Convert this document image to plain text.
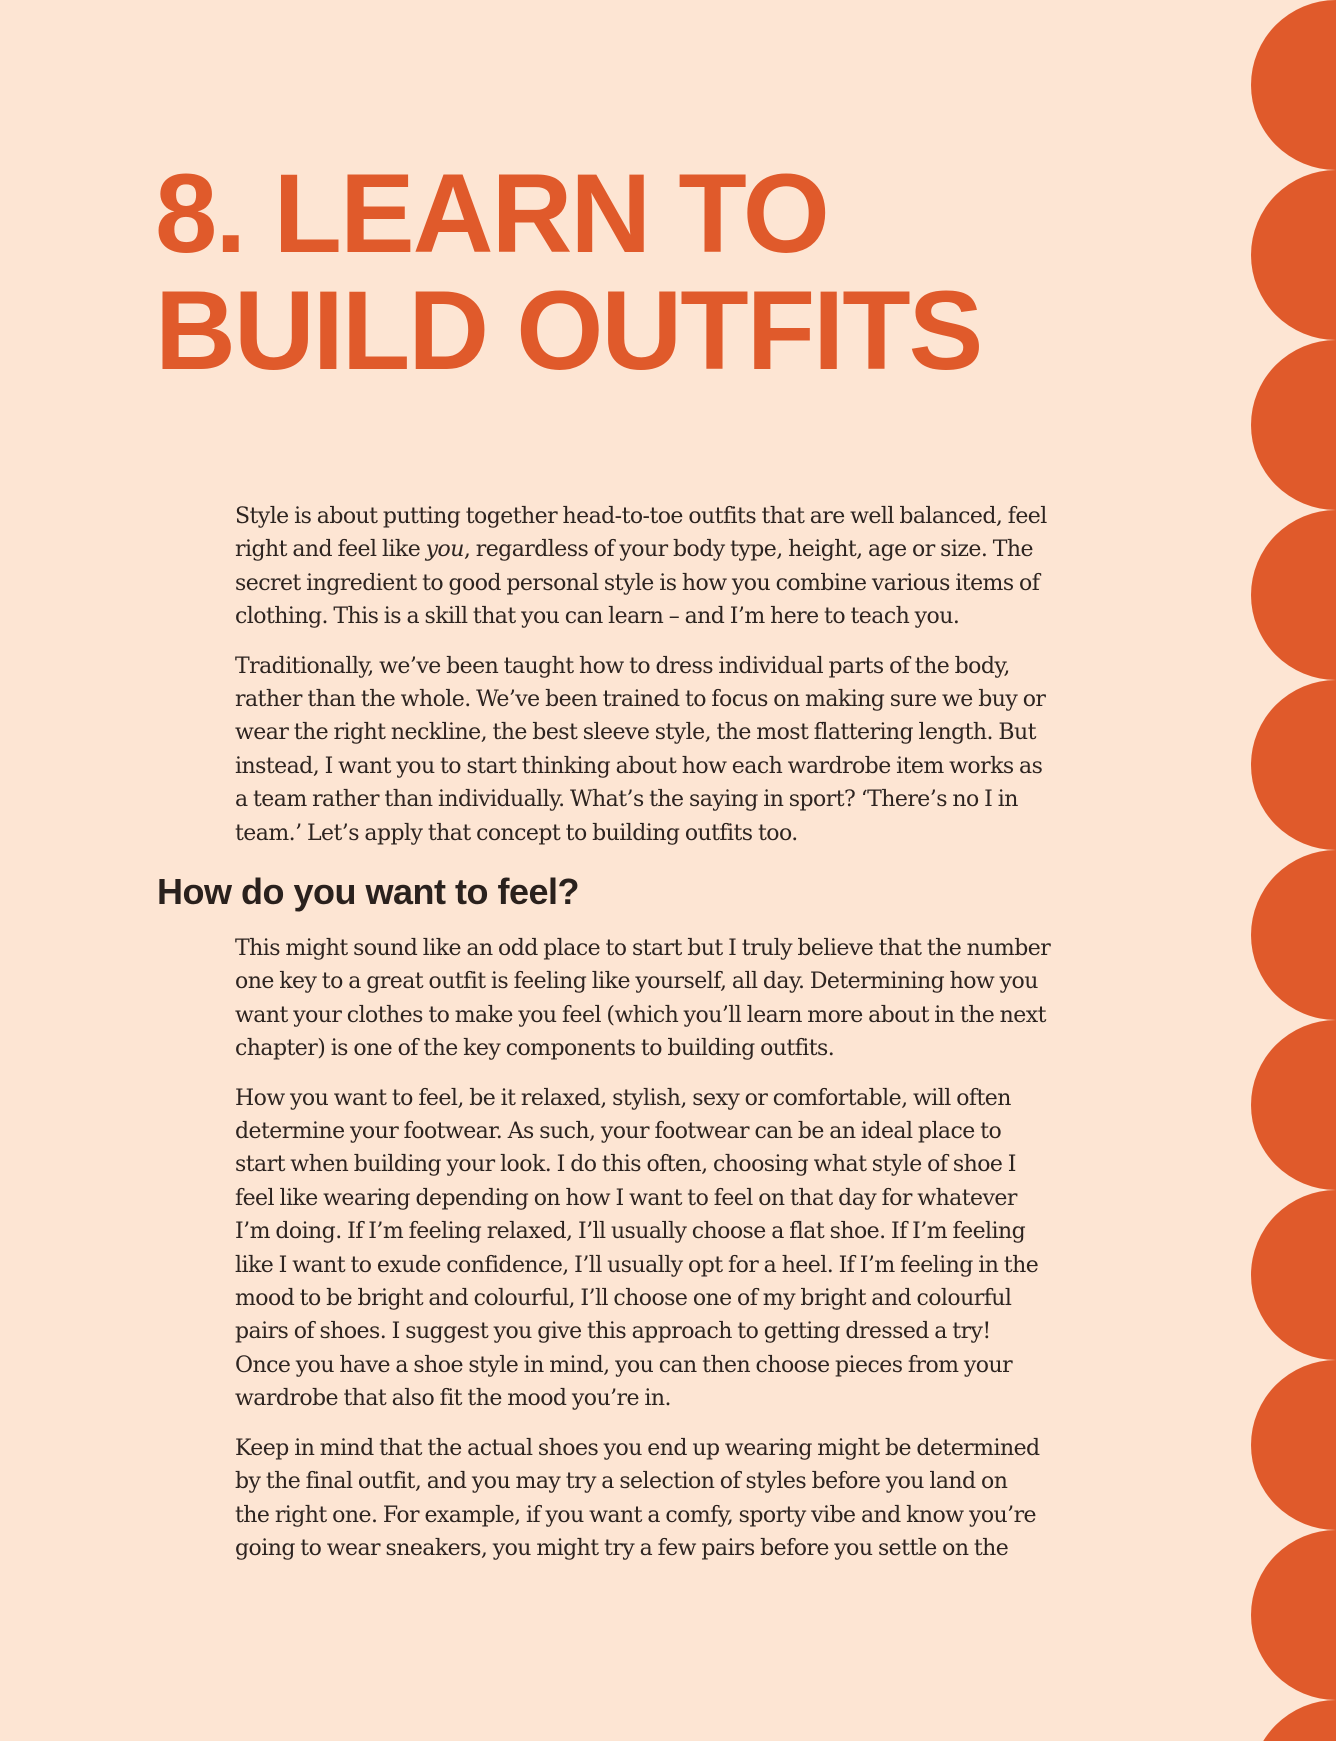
8. LEARN TO
BUILD OUTFITS

Style is about putting together head-to-toe outfits that are well balanced, feel
right and feel like you, regardless of your body type, height, age or size. The
secret ingredient to good personal style is how you combine various items of
clothing. This is a skill that you can learn – and I’m here to teach you.

Traditionally, we’ve been taught how to dress individual parts of the body,
rather than the whole. We’ve been trained to focus on making sure we buy or
wear the right neckline, the best sleeve style, the most flattering length. But
instead, I want you to start thinking about how each wardrobe item works as
a team rather than individually. What’s the saying in sport? ‘There’s no I in
team.’ Let’s apply that concept to building outfits too.

How do you want to feel?

This might sound like an odd place to start but I truly believe that the number
one key to a great outfit is feeling like yourself, all day. Determining how you
want your clothes to make you feel (which you’ll learn more about in the next
chapter) is one of the key components to building outfits.

How you want to feel, be it relaxed, stylish, sexy or comfortable, will often
determine your footwear. As such, your footwear can be an ideal place to
start when building your look. I do this often, choosing what style of shoe I
feel like wearing depending on how I want to feel on that day for whatever
I’m doing. If I’m feeling relaxed, I’ll usually choose a flat shoe. If I’m feeling
like I want to exude confidence, I’ll usually opt for a heel. If I’m feeling in the
mood to be bright and colourful, I’ll choose one of my bright and colourful
pairs of shoes. I suggest you give this approach to getting dressed a try!
Once you have a shoe style in mind, you can then choose pieces from your
wardrobe that also fit the mood you’re in.

Keep in mind that the actual shoes you end up wearing might be determined
by the final outfit, and you may try a selection of styles before you land on
the right one. For example, if you want a comfy, sporty vibe and know you’re
going to wear sneakers, you might try a few pairs before you settle on the
